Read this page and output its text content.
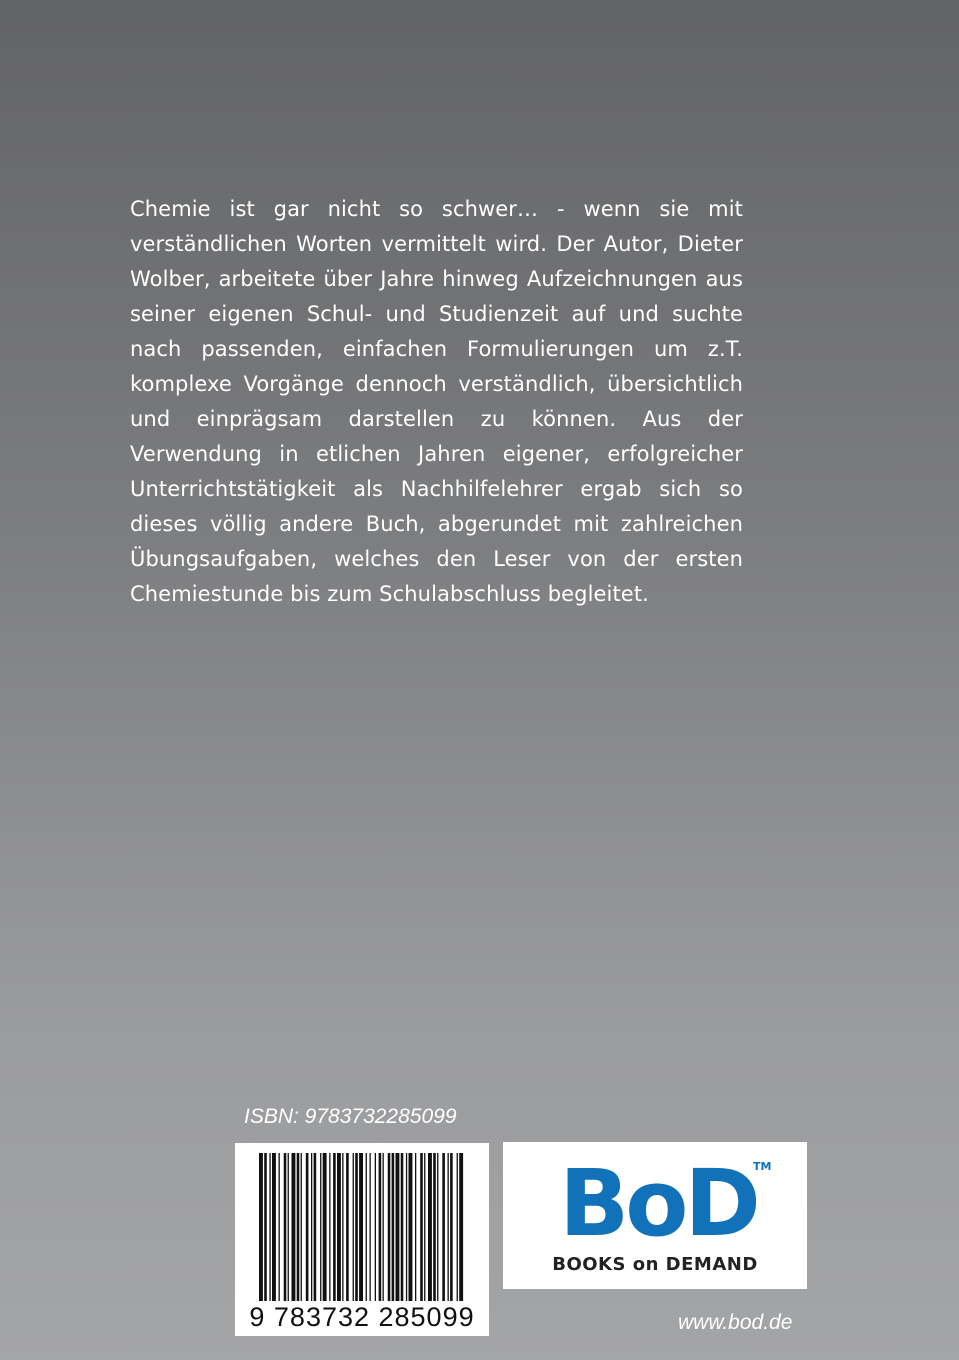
Chemie ist gar nicht so schwer… - wenn sie mit verständlichen Worten vermittelt wird. Der Autor, Dieter Wolber, arbeitete über Jahre hinweg Aufzeichnungen aus seiner eigenen Schul- und Studienzeit auf und suchte nach passenden, einfachen Formulierungen um z.T. komplexe Vorgänge dennoch verständlich, übersichtlich und einprägsam darstellen zu können. Aus der Verwendung in etlichen Jahren eigener, erfolgreicher Unterrichtstätigkeit als Nachhilfelehrer ergab sich so dieses völlig andere Buch, abgerundet mit zahlreichen Übungsaufgaben, welches den Leser von der ersten Chemiestunde bis zum Schulabschluss begleitet.

ISBN: 9783732285099
9 783732 285099
BoD
TM
BOOKS on DEMAND
www.bod.de
